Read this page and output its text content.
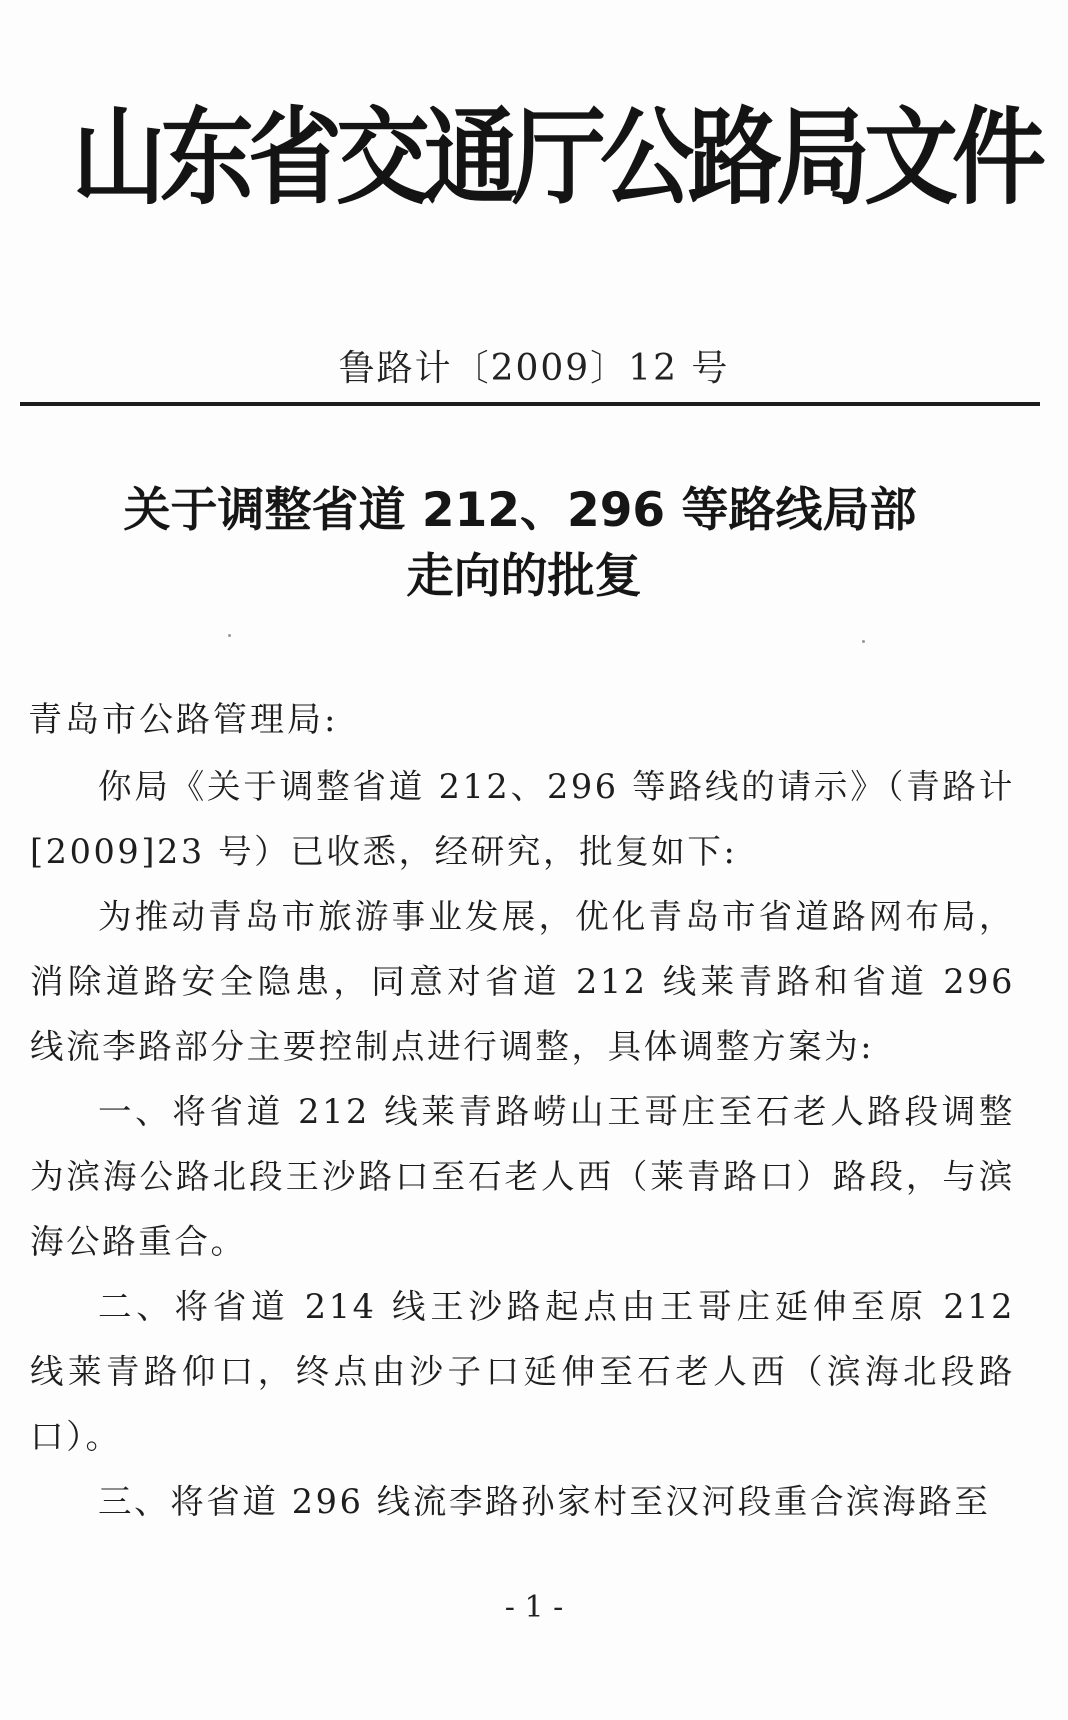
山东省交通厅公路局文件
鲁路计〔2009〕12 号
关于调整省道 212、296 等路线局部
走向的批复
青岛市公路管理局:

你局《关于调整省道 212、296 等路线的请示》（青路计[2009]23 号）已收悉，经研究，批复如下:

为推动青岛市旅游事业发展，优化青岛市省道路网布局，消除道路安全隐患，同意对省道 212 线莱青路和省道 296 线流李路部分主要控制点进行调整，具体调整方案为:

一、将省道 212 线莱青路崂山王哥庄至石老人路段调整为滨海公路北段王沙路口至石老人西（莱青路口）路段，与滨海公路重合。

二、将省道 214 线王沙路起点由王哥庄延伸至原 212 线莱青路仰口，终点由沙子口延伸至石老人西（滨海北段路口）。

三、将省道 296 线流李路孙家村至汉河段重合滨海路至

- 1 -
